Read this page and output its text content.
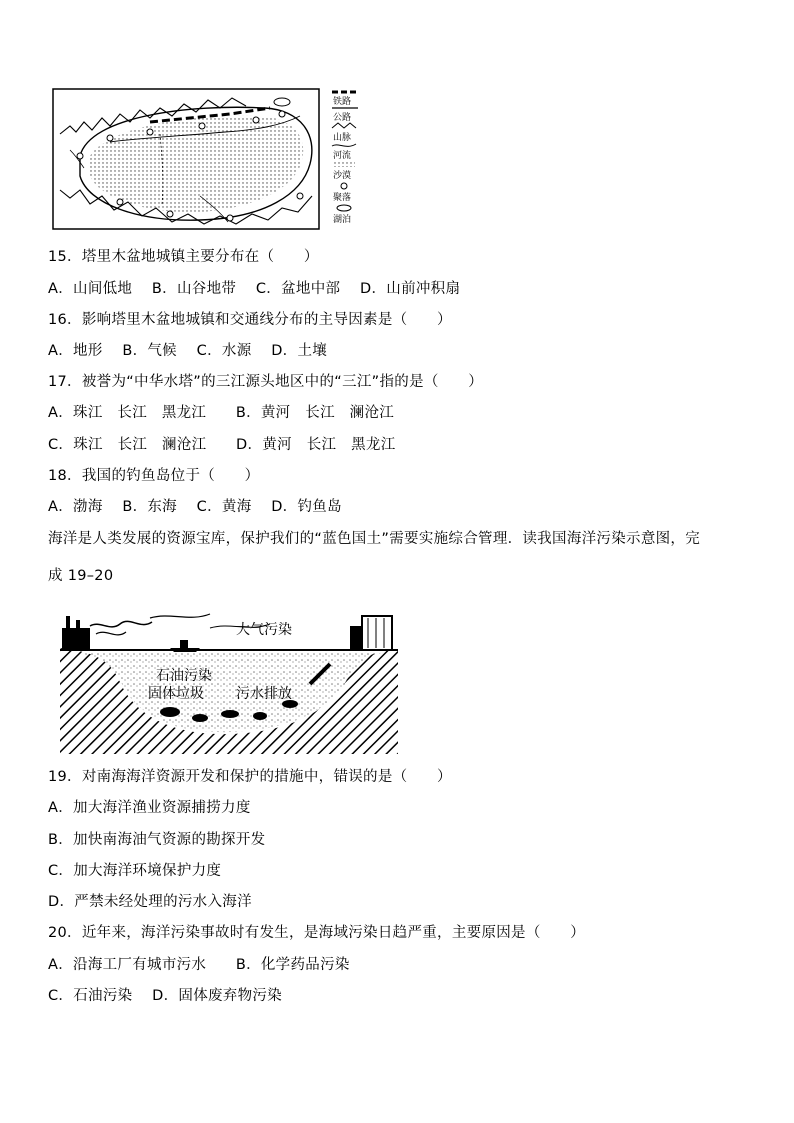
铁路
公路
山脉
河流
沙漠
聚落
湖泊
15．塔里木盆地城镇主要分布在（　　）
A．山间低地　 B．山谷地带　 C．盆地中部　 D．山前冲积扇
16．影响塔里木盆地城镇和交通线分布的主导因素是（　　）
A．地形　 B．气候　 C．水源　 D．土壤
17．被誉为“中华水塔”的三江源头地区中的“三江”指的是（　　）
A．珠江　长江　黑龙江　　B．黄河　长江　澜沧江
C．珠江　长江　澜沧江　　D．黄河　长江　黑龙江
18．我国的钓鱼岛位于（　　）
A．渤海　 B．东海　 C．黄海　 D．钓鱼岛
海洋是人类发展的资源宝库，保护我们的“蓝色国土”需要实施综合管理．读我国海洋污染示意图，完
成 19–20
大气污染
石油污染
固体垃圾 污水排放
19．对南海海洋资源开发和保护的措施中，错误的是（　　）
A．加大海洋渔业资源捕捞力度
B．加快南海油气资源的勘探开发
C．加大海洋环境保护力度
D．严禁未经处理的污水入海洋
20．近年来，海洋污染事故时有发生，是海域污染日趋严重，主要原因是（　　）
A．沿海工厂有城市污水　　B．化学药品污染
C．石油污染　 D．固体废弃物污染
